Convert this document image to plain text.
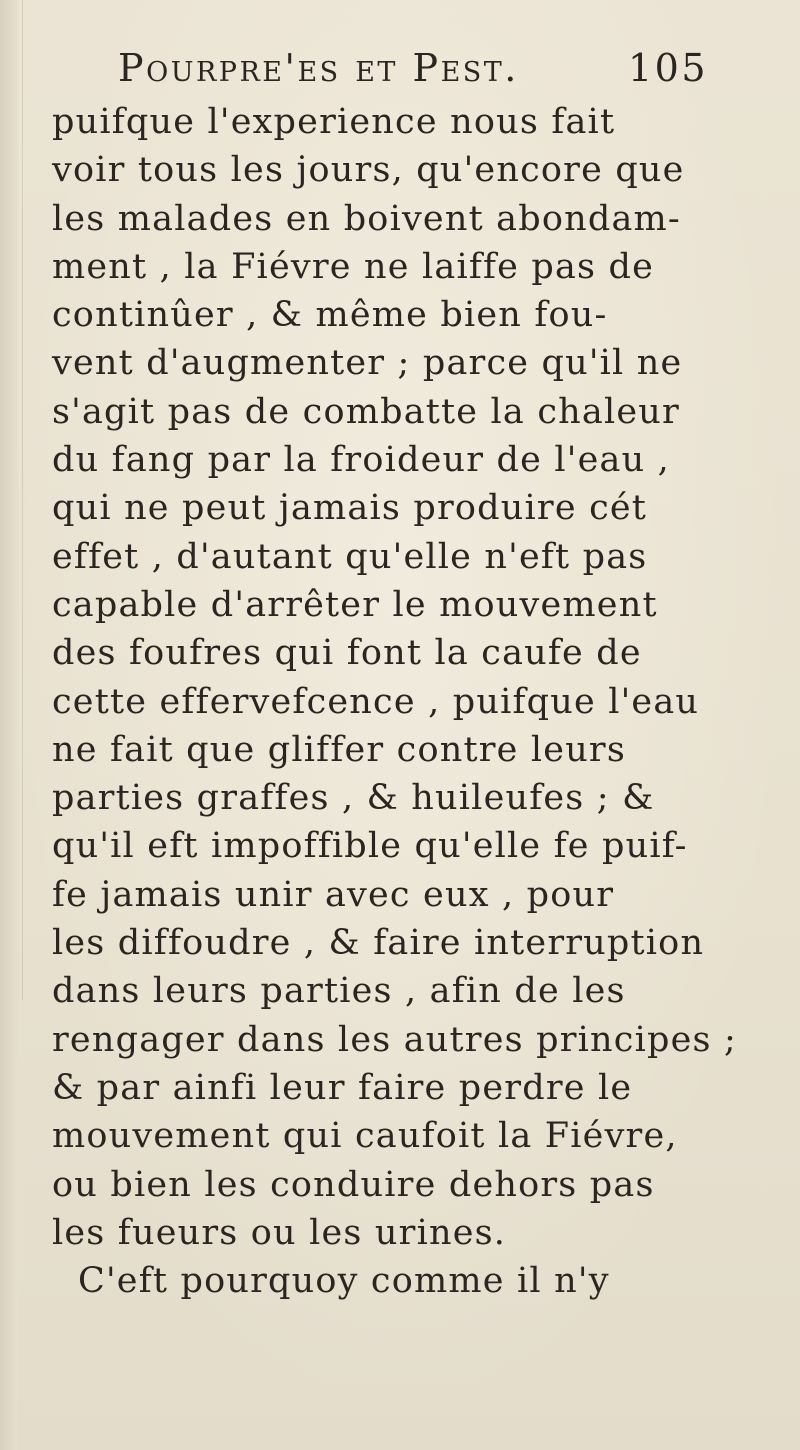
Pourpre'es et Pest.	105
puifque l'experience nous fait
voir tous les jours, qu'encore que
les malades en boivent abondam-
ment , la Fiévre ne laiffe pas de
continûer , & même bien fou-
vent d'augmenter ; parce qu'il ne
s'agit pas de combatte la chaleur
du fang par la froideur de l'eau ,
qui ne peut jamais produire cét
effet , d'autant qu'elle n'eft pas
capable d'arrêter le mouvement
des foufres qui font la caufe de
cette effervefcence , puifque l'eau
ne fait que gliffer contre leurs
parties graffes , & huileufes ; &
qu'il eft impoffible qu'elle fe puif-
fe jamais unir avec eux , pour
les diffoudre , & faire interruption
dans leurs parties , afin de les
rengager dans les autres principes ;
& par ainfi leur faire perdre le
mouvement qui caufoit la Fiévre,
ou bien les conduire dehors pas
les fueurs ou les urines.
C'eft pourquoy comme il n'y
